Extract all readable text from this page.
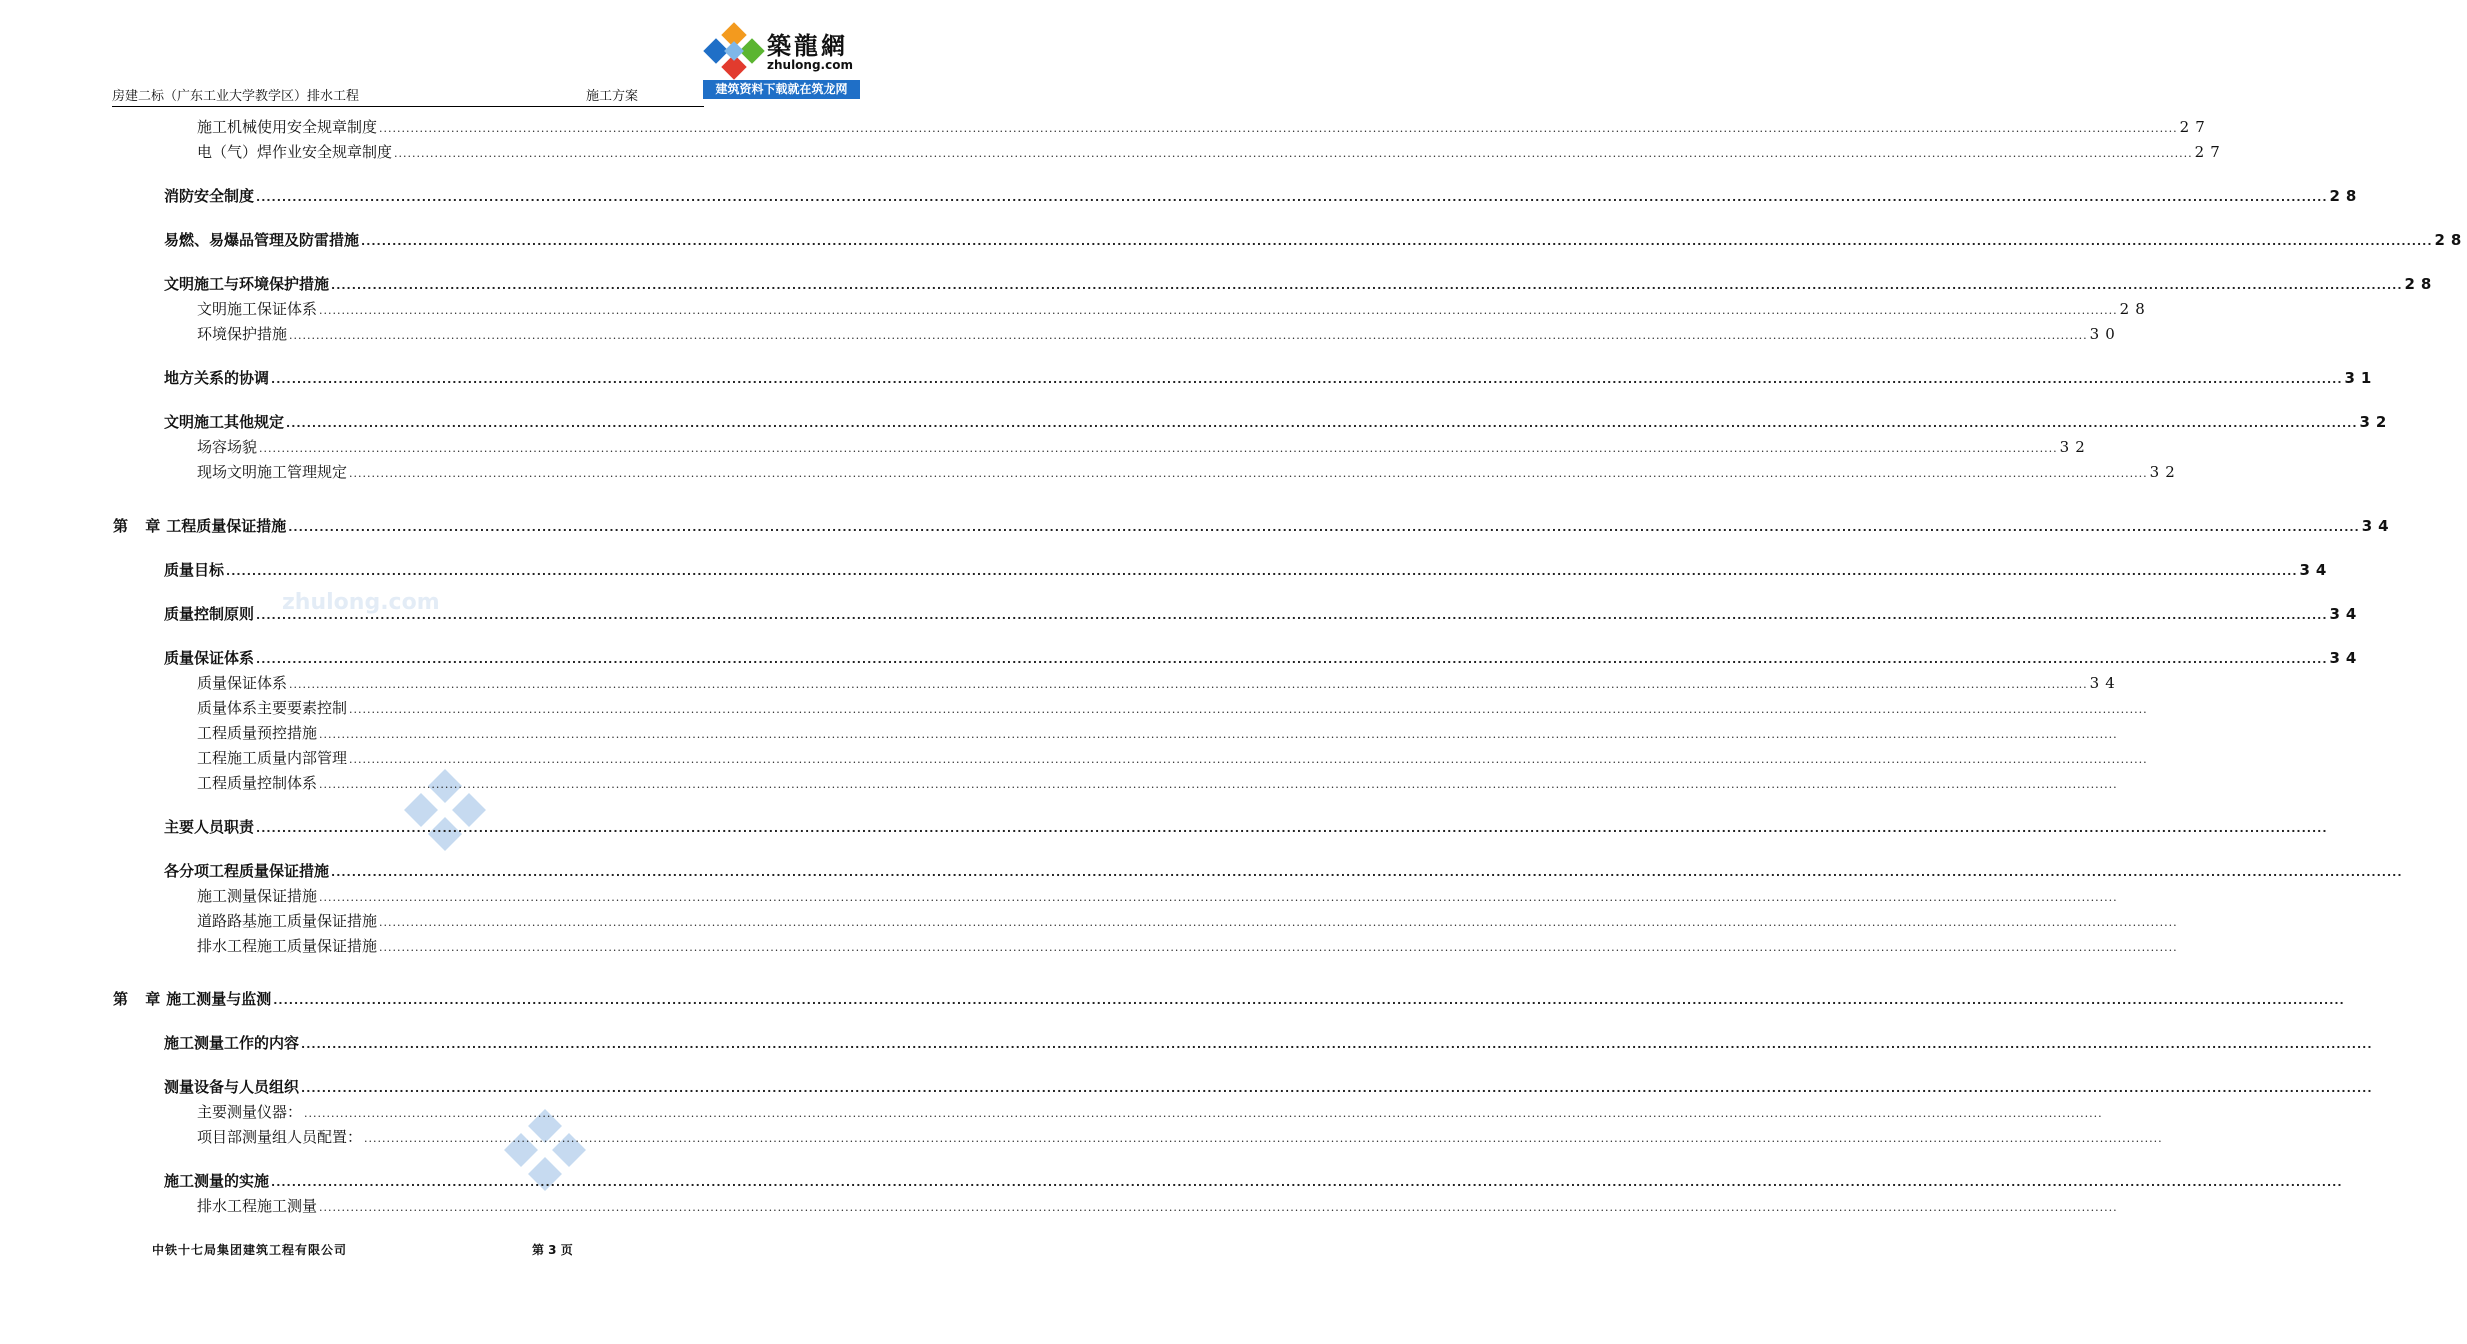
築龍網
zhulong.com
建筑资料下载就在筑龙网
房建二标（广东工业大学教学区）排水工程	施工方案
zhulong.com
施工机械使用安全规章制度 ................................................................................................................................................................................................................................................................................................................................................................................................................ 27
电（气）焊作业安全规章制度 ................................................................................................................................................................................................................................................................................................................................................................................................................ 27
消防安全制度 ................................................................................................................................................................................................................................................................................................................................................................................................................ 28
易燃、易爆品管理及防雷措施 ................................................................................................................................................................................................................................................................................................................................................................................................................ 28
文明施工与环境保护措施 ................................................................................................................................................................................................................................................................................................................................................................................................................ 28
文明施工保证体系 ................................................................................................................................................................................................................................................................................................................................................................................................................ 28
环境保护措施 ................................................................................................................................................................................................................................................................................................................................................................................................................ 30
地方关系的协调 ................................................................................................................................................................................................................................................................................................................................................................................................................ 31
文明施工其他规定 ................................................................................................................................................................................................................................................................................................................................................................................................................ 32
场容场貌 ................................................................................................................................................................................................................................................................................................................................................................................................................ 32
现场文明施工管理规定 ................................................................................................................................................................................................................................................................................................................................................................................................................ 32
第 章 工程质量保证措施 ................................................................................................................................................................................................................................................................................................................................................................................................................ 34
质量目标 ................................................................................................................................................................................................................................................................................................................................................................................................................ 34
质量控制原则 ................................................................................................................................................................................................................................................................................................................................................................................................................ 34
质量保证体系 ................................................................................................................................................................................................................................................................................................................................................................................................................ 34
质量保证体系 ................................................................................................................................................................................................................................................................................................................................................................................................................ 34
质量体系主要要素控制 ................................................................................................................................................................................................................................................................................................................................................................................................................
工程质量预控措施 ................................................................................................................................................................................................................................................................................................................................................................................................................
工程施工质量内部管理 ................................................................................................................................................................................................................................................................................................................................................................................................................
工程质量控制体系 ................................................................................................................................................................................................................................................................................................................................................................................................................
主要人员职责 ................................................................................................................................................................................................................................................................................................................................................................................................................
各分项工程质量保证措施 ................................................................................................................................................................................................................................................................................................................................................................................................................
施工测量保证措施 ................................................................................................................................................................................................................................................................................................................................................................................................................
道路路基施工质量保证措施 ................................................................................................................................................................................................................................................................................................................................................................................................................
排水工程施工质量保证措施 ................................................................................................................................................................................................................................................................................................................................................................................................................
第 章 施工测量与监测 ................................................................................................................................................................................................................................................................................................................................................................................................................
施工测量工作的内容 ................................................................................................................................................................................................................................................................................................................................................................................................................
测量设备与人员组织 ................................................................................................................................................................................................................................................................................................................................................................................................................
主要测量仪器： ................................................................................................................................................................................................................................................................................................................................................................................................................
项目部测量组人员配置： ................................................................................................................................................................................................................................................................................................................................................................................................................
施工测量的实施 ................................................................................................................................................................................................................................................................................................................................................................................................................
排水工程施工测量 ................................................................................................................................................................................................................................................................................................................................................................................................................
中铁十七局集团建筑工程有限公司	第 3 页
